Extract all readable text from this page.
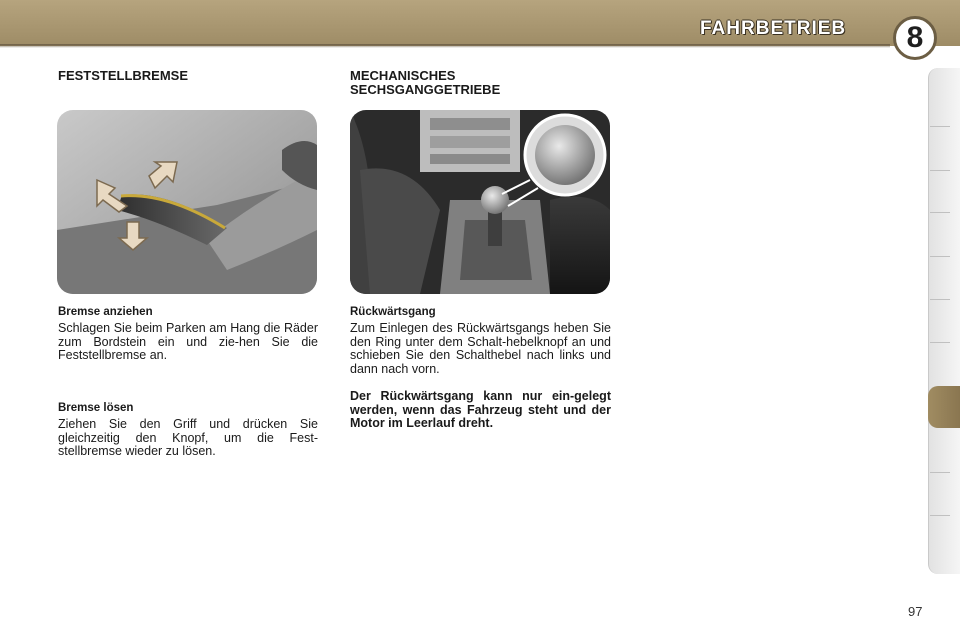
FAHRBETRIEB 8
FESTSTELLBREMSE
Bremse anziehen
Schlagen Sie beim Parken am Hang die Räder zum Bordstein ein und zie-hen Sie die Feststellbremse an.
Bremse lösen
Ziehen Sie den Griff und drücken Sie gleichzeitig den Knopf, um die Fest-stellbremse wieder zu lösen.
MECHANISCHES
SECHSGANGGETRIEBE
Rückwärtsgang
Zum Einlegen des Rückwärtsgangs heben Sie den Ring unter dem Schalt-hebelknopf an und schieben Sie den Schalthebel nach links und dann nach vorn.
Der Rückwärtsgang kann nur ein-gelegt werden, wenn das Fahrzeug steht und der Motor im Leerlauf dreht.
97
